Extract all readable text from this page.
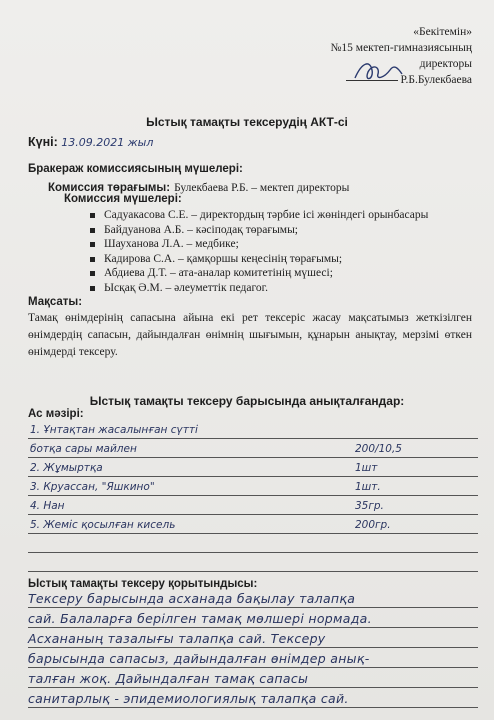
«Бекітемін»
№15 мектеп-гимназиясының
директоры
Р.Б.Булекбаева
Ыстық тамақты тексерудің АКТ-сі
Күні: 13.09.2021 жыл
Бракераж комиссиясының мүшелері:
Комиссия төрағымы: Булекбаева Р.Б. – мектеп директоры
Комиссия мүшелері:
Садуакасова С.Е. – директордың тәрбие ісі жөніндегі орынбасары
Байдуанова А.Б. – кәсіподақ төрағымы;
Шауханова Л.А. – медбике;
Кадирова С.А. – қамқоршы кеңесінің төрағымы;
Абдиева Д.Т. – ата-аналар комитетінің мүшесі;
Ысқақ Ә.М. – әлеуметтік педагог.
Мақсаты:
Тамақ өнімдерінің сапасына айына екі рет тексеріс жасау мақсатымыз жеткізілген өнімдердің сапасын, дайындалған өнімнің шығымын, құнарын анықтау, мерзімі өткен өнімдерді тексеру.
Ыстық тамақты тексеру барысында анықталғандар:
Ас мәзірі:
1. Ұнтақтан жасалынған сүтті
ботқа сары майлен	200/10,5
2. Жұмыртқа	1шт
3. Круассан, "Яшкино"	1шт.
4. Нан	35гр.
5. Жеміс қосылған кисель	200гр.
Ыстық тамақты тексеру қорытындысы:
Тексеру барысында асханада бақылау талапқа
сай. Балаларға берілген тамақ мөлшері нормада.
Асхананың тазалығы талапқа сай. Тексеру
барысында сапасыз, дайындалған өнімдер анық-
талған жоқ. Дайындалған тамақ сапасы
санитарлық - эпидемиологиялық талапқа сай.
